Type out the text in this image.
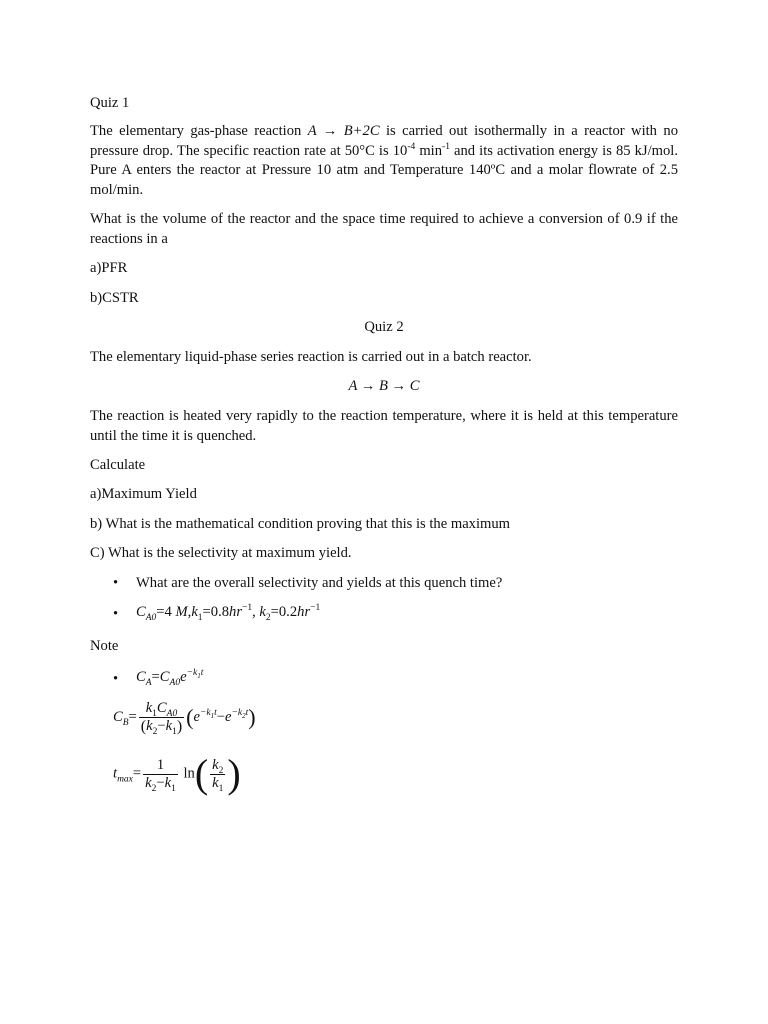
Quiz 1
The elementary gas-phase reaction A → B+2C is carried out isothermally in a reactor with no pressure drop. The specific reaction rate at 50°C is $10^{-4}$ $\min^{-1}$ and its activation energy is 85 kJ/mol. Pure A enters the reactor at Pressure 10 atm and Temperature 140ºC and a molar flowrate of 2.5 mol/min.
What is the volume of the reactor and the space time required to achieve a conversion of 0.9 if the reactions in a
a)PFR
b)CSTR
Quiz 2
The elementary liquid-phase series reaction is carried out in a batch reactor.
A → B → C
The reaction is heated very rapidly to the reaction temperature, where it is held at this temperature until the time it is quenched.
Calculate
a)Maximum Yield
b) What is the mathematical condition proving that this is the maximum
C) What is the selectivity at maximum yield.
• What are the overall selectivity and yields at this quench time?
• $C_{A0}=4$ $M,k_1=0.8hr^{-1}$, $k_2=0.2hr^{-1}$
Note
• $C_A=C_{A0}e^{-k_1t}$
$C_B= \frac{k_1C_{A0}}{(k_2-k_1)} (e^{-k_1t}-e^{-k_2t})$
$t_{max}= \frac{1}{k_2-k_1} \ln( \frac{k_2}{k_1}$ )
